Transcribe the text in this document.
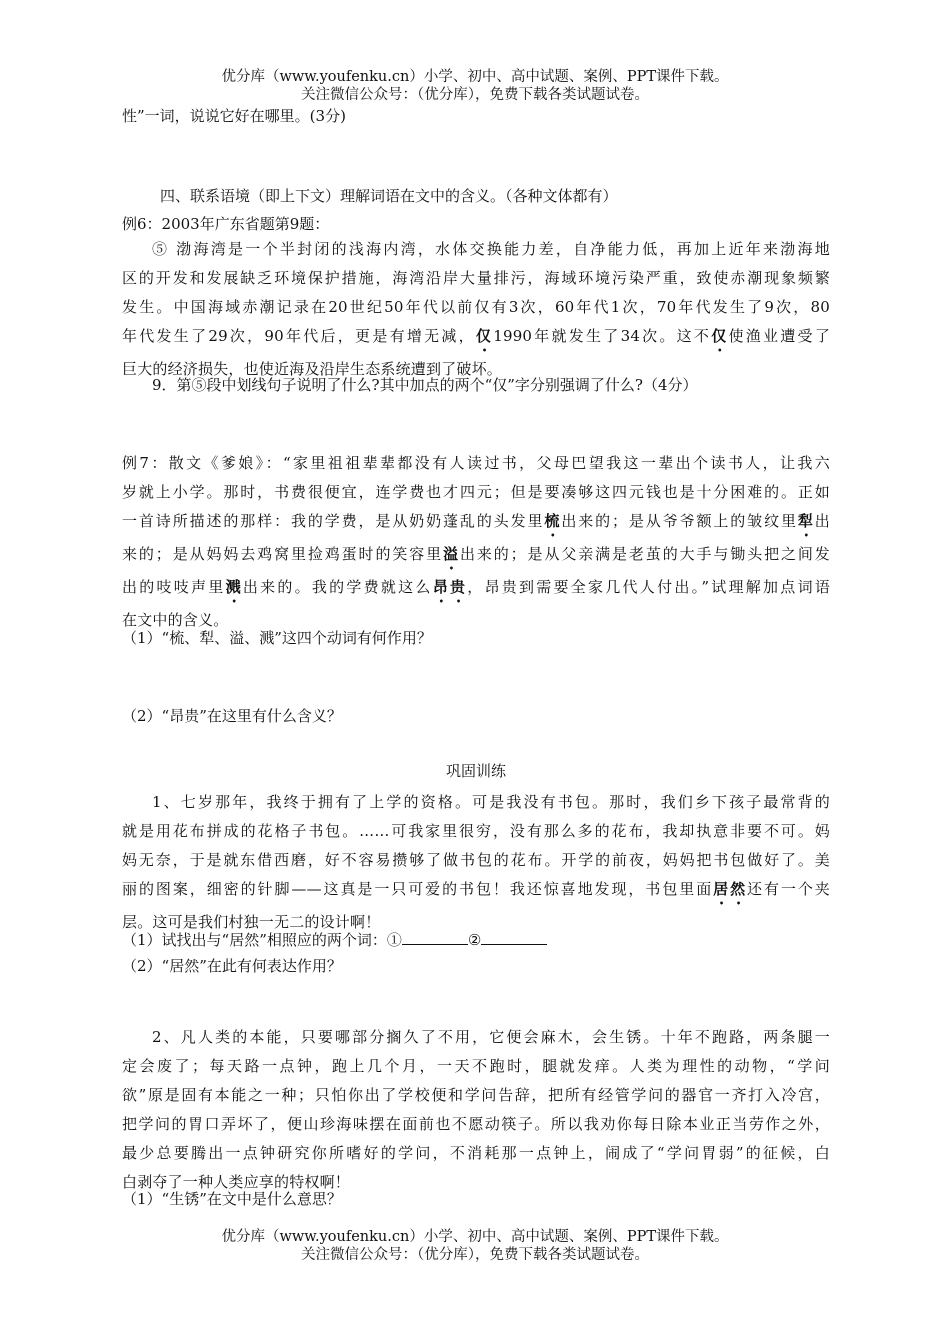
优分库（www.youfenku.cn）小学、初中、高中试题、案例、PPT课件下载。
关注微信公众号：（优分库），免费下载各类试题试卷。
性”一词，说说它好在哪里。(3分)
四、联系语境（即上下文）理解词语在文中的含义。（各种文体都有）
例6：2003年广东省题第9题：
⑤ 渤海湾是一个半封闭的浅海内湾，水体交换能力差，自净能力低，再加上近年来渤海地
区的开发和发展缺乏环境保护措施，海湾沿岸大量排污，海域环境污染严重，致使赤潮现象频繁
发生。中国海域赤潮记录在20世纪50年代以前仅有3次，60年代1次，70年代发生了9次，80
年代发生了29次，90年代后，更是有增无减，仅1990年就发生了34次。这不仅使渔业遭受了
巨大的经济损失，也使近海及沿岸生态系统遭到了破坏。
9．第⑤段中划线句子说明了什么?其中加点的两个“仅”字分别强调了什么?（4分）
例7：散文《爹娘》：“家里祖祖辈辈都没有人读过书，父母巴望我这一辈出个读书人，让我六
岁就上小学。那时，书费很便宜，连学费也才四元；但是要凑够这四元钱也是十分困难的。正如
一首诗所描述的那样：我的学费，是从奶奶蓬乱的头发里梳出来的；是从爷爷额上的皱纹里犁出
来的；是从妈妈去鸡窝里捡鸡蛋时的笑容里溢出来的；是从父亲满是老茧的大手与锄头把之间发
出的吱吱声里溅出来的。我的学费就这么昂贵，昂贵到需要全家几代人付出。”试理解加点词语
在文中的含义。
（1）“梳、犁、溢、溅”这四个动词有何作用？
（2）“昂贵”在这里有什么含义？
巩固训练
1、七岁那年，我终于拥有了上学的资格。可是我没有书包。那时，我们乡下孩子最常背的
就是用花布拼成的花格子书包。……可我家里很穷，没有那么多的花布，我却执意非要不可。妈
妈无奈，于是就东借西磨，好不容易攒够了做书包的花布。开学的前夜，妈妈把书包做好了。美
丽的图案，细密的针脚——这真是一只可爱的书包！我还惊喜地发现，书包里面居然还有一个夹
层。这可是我们村独一无二的设计啊！
（1）试找出与“居然”相照应的两个词：①	②
（2）“居然”在此有何表达作用？
2、凡人类的本能，只要哪部分搁久了不用，它便会麻木，会生锈。十年不跑路，两条腿一
定会废了；每天路一点钟，跑上几个月，一天不跑时，腿就发痒。人类为理性的动物，“学问
欲”原是固有本能之一种；只怕你出了学校便和学问告辞，把所有经管学问的器官一齐打入冷宫，
把学问的胃口弄坏了，便山珍海味摆在面前也不愿动筷子。所以我劝你每日除本业正当劳作之外，
最少总要腾出一点钟研究你所嗜好的学问，不消耗那一点钟上，闹成了“学问胃弱”的征候，白
白剥夺了一种人类应享的特权啊！
（1）“生锈”在文中是什么意思？
优分库（www.youfenku.cn）小学、初中、高中试题、案例、PPT课件下载。
关注微信公众号：（优分库），免费下载各类试题试卷。
